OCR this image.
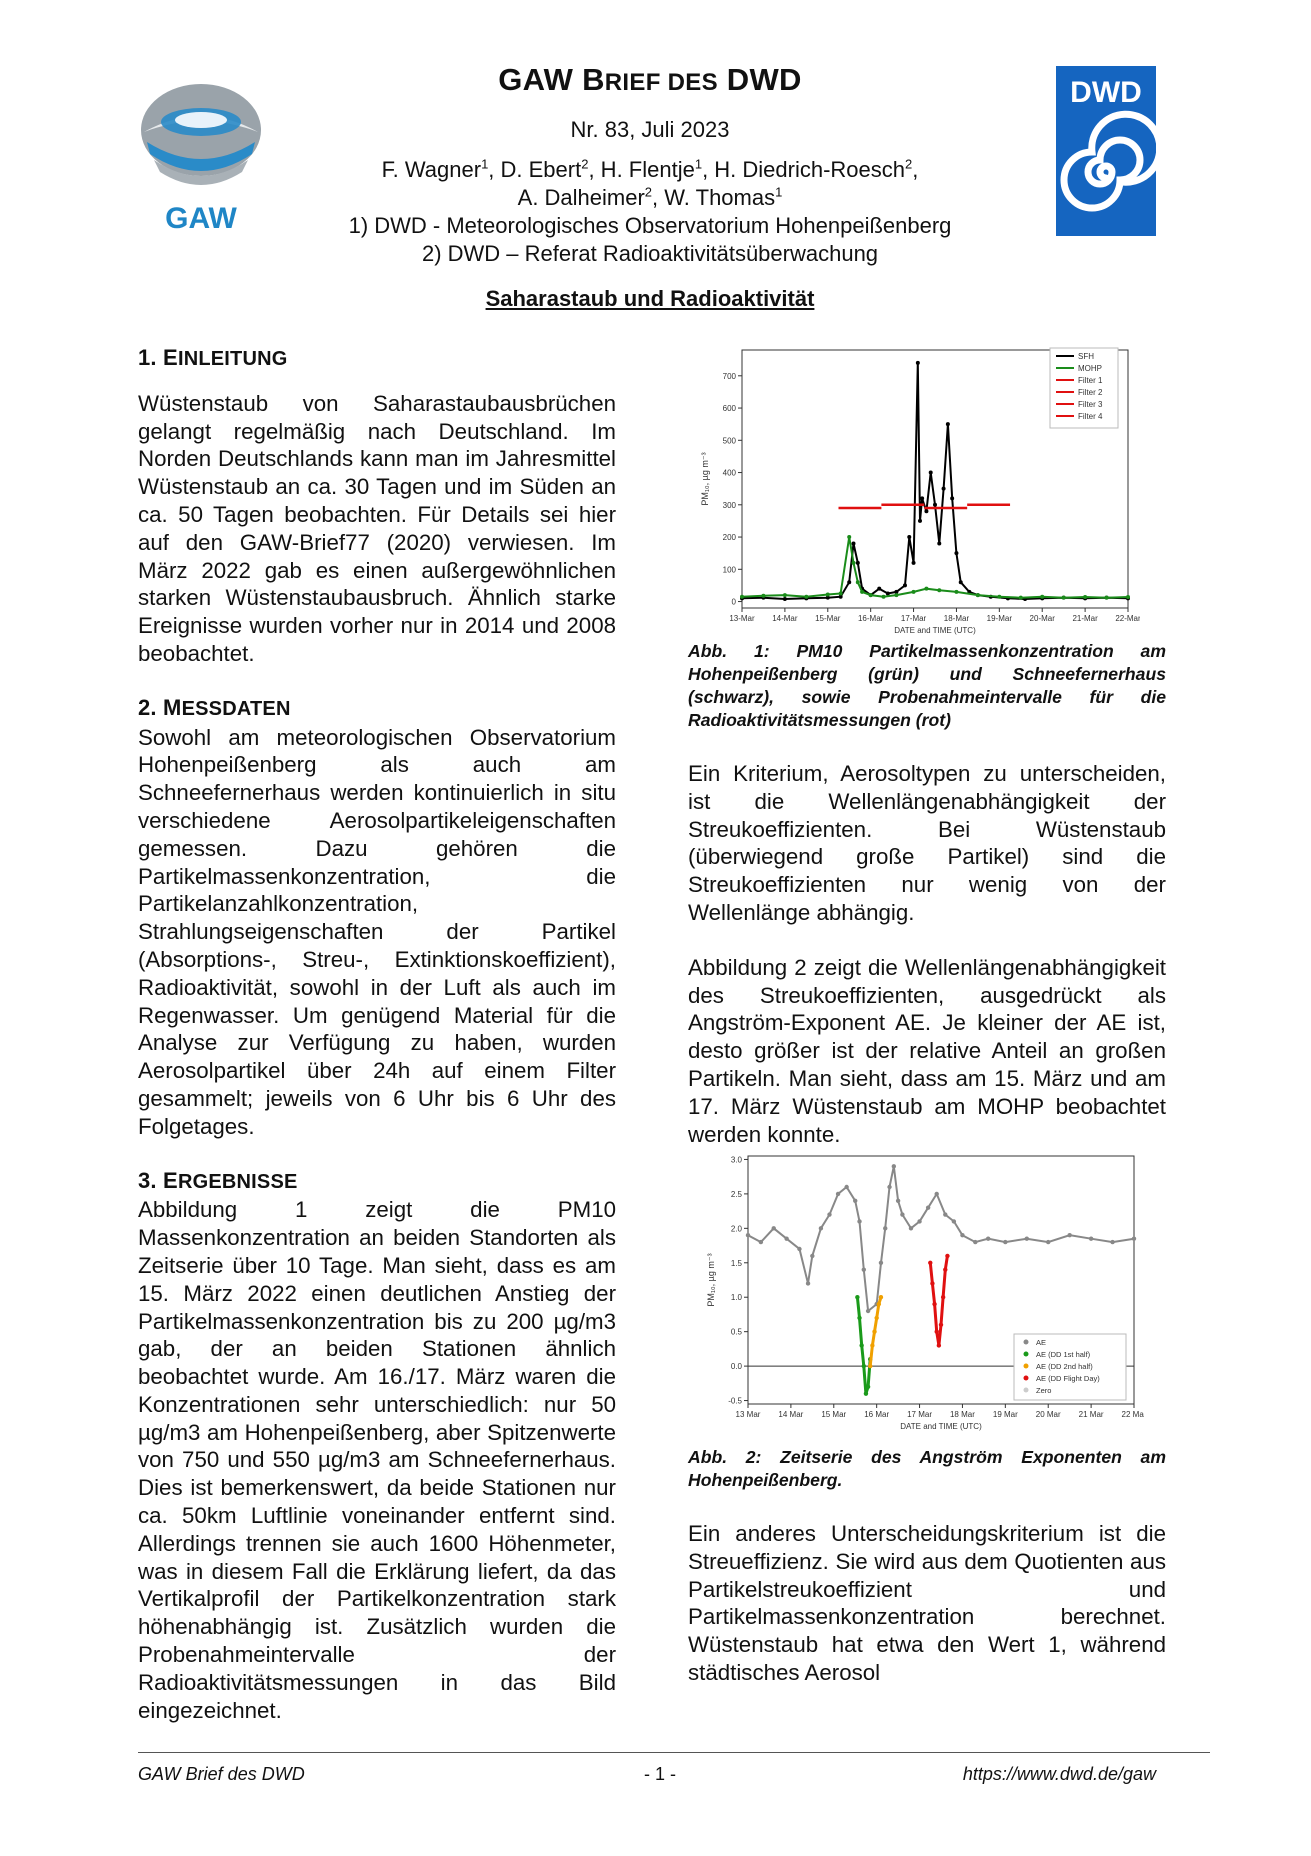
GAW
DWD
GAW BRIEF DES DWD
Nr. 83, Juli 2023
F. Wagner$^1$, D. Ebert$^2$, H. Flentje$^1$, H. Diedrich-Roesch$^2$,
A. Dalheimer$^2$, W. Thomas$^1$
1) DWD - Meteorologisches Observatorium Hohenpeißenberg
2) DWD – Referat Radioaktivitätsüberwachung
Saharastaub und Radioaktivität
1. EINLEITUNG

Wüstenstaub von Saharastaubausbrüchen gelangt regelmäßig nach Deutschland. Im Norden Deutschlands kann man im Jahresmittel Wüstenstaub an ca. 30 Tagen und im Süden an ca. 50 Tagen beobachten. Für Details sei hier auf den GAW-Brief77 (2020) verwiesen. Im März 2022 gab es einen außergewöhnlichen starken Wüstenstaubausbruch. Ähnlich starke Ereignisse wurden vorher nur in 2014 und 2008 beobachtet.

2. MESSDATEN

Sowohl am meteorologischen Observatorium Hohenpeißenberg als auch am Schneefernerhaus werden kontinuierlich in situ verschiedene Aerosolpartikeleigenschaften gemessen. Dazu gehören die Partikelmassenkonzentration, die Partikelanzahlkonzentration, Strahlungseigenschaften der Partikel (Absorptions-, Streu-, Extinktionskoeffizient), Radioaktivität, sowohl in der Luft als auch im Regenwasser. Um genügend Material für die Analyse zur Verfügung zu haben, wurden Aerosolpartikel über 24h auf einem Filter gesammelt; jeweils von 6 Uhr bis 6 Uhr des Folgetages.

3. ERGEBNISSE

Abbildung 1 zeigt die PM10 Massenkonzentration an beiden Standorten als Zeitserie über 10 Tage. Man sieht, dass es am 15. März 2022 einen deutlichen Anstieg der Partikelmassenkonzentration bis zu 200 µg/m3 gab, der an beiden Stationen ähnlich beobachtet wurde. Am 16./17. März waren die Konzentrationen sehr unterschiedlich: nur 50 µg/m3 am Hohenpeißenberg, aber Spitzenwerte von 750 und 550 µg/m3 am Schneefernerhaus. Dies ist bemerkenswert, da beide Stationen nur ca. 50km Luftlinie voneinander entfernt sind. Allerdings trennen sie auch 1600 Höhenmeter, was in diesem Fall die Erklärung liefert, da das Vertikalprofil der Partikelkonzentration stark höhenabhängig ist. Zusätzlich wurden die Probenahmeintervalle der Radioaktivitätsmessungen in das Bild eingezeichnet.

0
100
200
300
400
500
600
700
13-Mar 14-Mar 15-Mar 16-Mar 17-Mar 18-Mar 19-Mar 20-Mar 21-Mar 22-Mar
DATE and TIME (UTC)
PM₁₀, µg m⁻³
SFH
MOHP
Filter 1
Filter 2
Filter 3
Filter 4
Abb. 1: PM10 Partikelmassenkonzentration am Hohenpeißenberg (grün) und Schneefernerhaus (schwarz), sowie Probenahmeintervalle für die Radioaktivitätsmessungen (rot)

Ein Kriterium, Aerosoltypen zu unterscheiden, ist die Wellenlängenabhängigkeit der Streukoeffizienten. Bei Wüstenstaub (überwiegend große Partikel) sind die Streukoeffizienten nur wenig von der Wellenlänge abhängig.

Abbildung 2 zeigt die Wellenlängenabhängigkeit des Streukoeffizienten, ausgedrückt als Angström-Exponent AE. Je kleiner der AE ist, desto größer ist der relative Anteil an großen Partikeln. Man sieht, dass am 15. März und am 17. März Wüstenstaub am MOHP beobachtet werden konnte.

-0.5
0.0
0.5
1.0
1.5
2.0
2.5
3.0
13 Mar 14 Mar 15 Mar 16 Mar 17 Mar 18 Mar 19 Mar 20 Mar 21 Mar 22 Mar
DATE and TIME (UTC)
PM₁₀, µg m⁻³
AE
AE (DD 1st half)
AE (DD 2nd half)
AE (DD Flight Day)
Zero
Abb. 2: Zeitserie des Angström Exponenten am Hohenpeißenberg.

Ein anderes Unterscheidungskriterium ist die Streueffizienz. Sie wird aus dem Quotienten aus Partikelstreukoeffizient und Partikelmassenkonzentration berechnet. Wüstenstaub hat etwa den Wert 1, während städtisches Aerosol

GAW Brief des DWD	- 1 -	https://www.dwd.de/gaw
